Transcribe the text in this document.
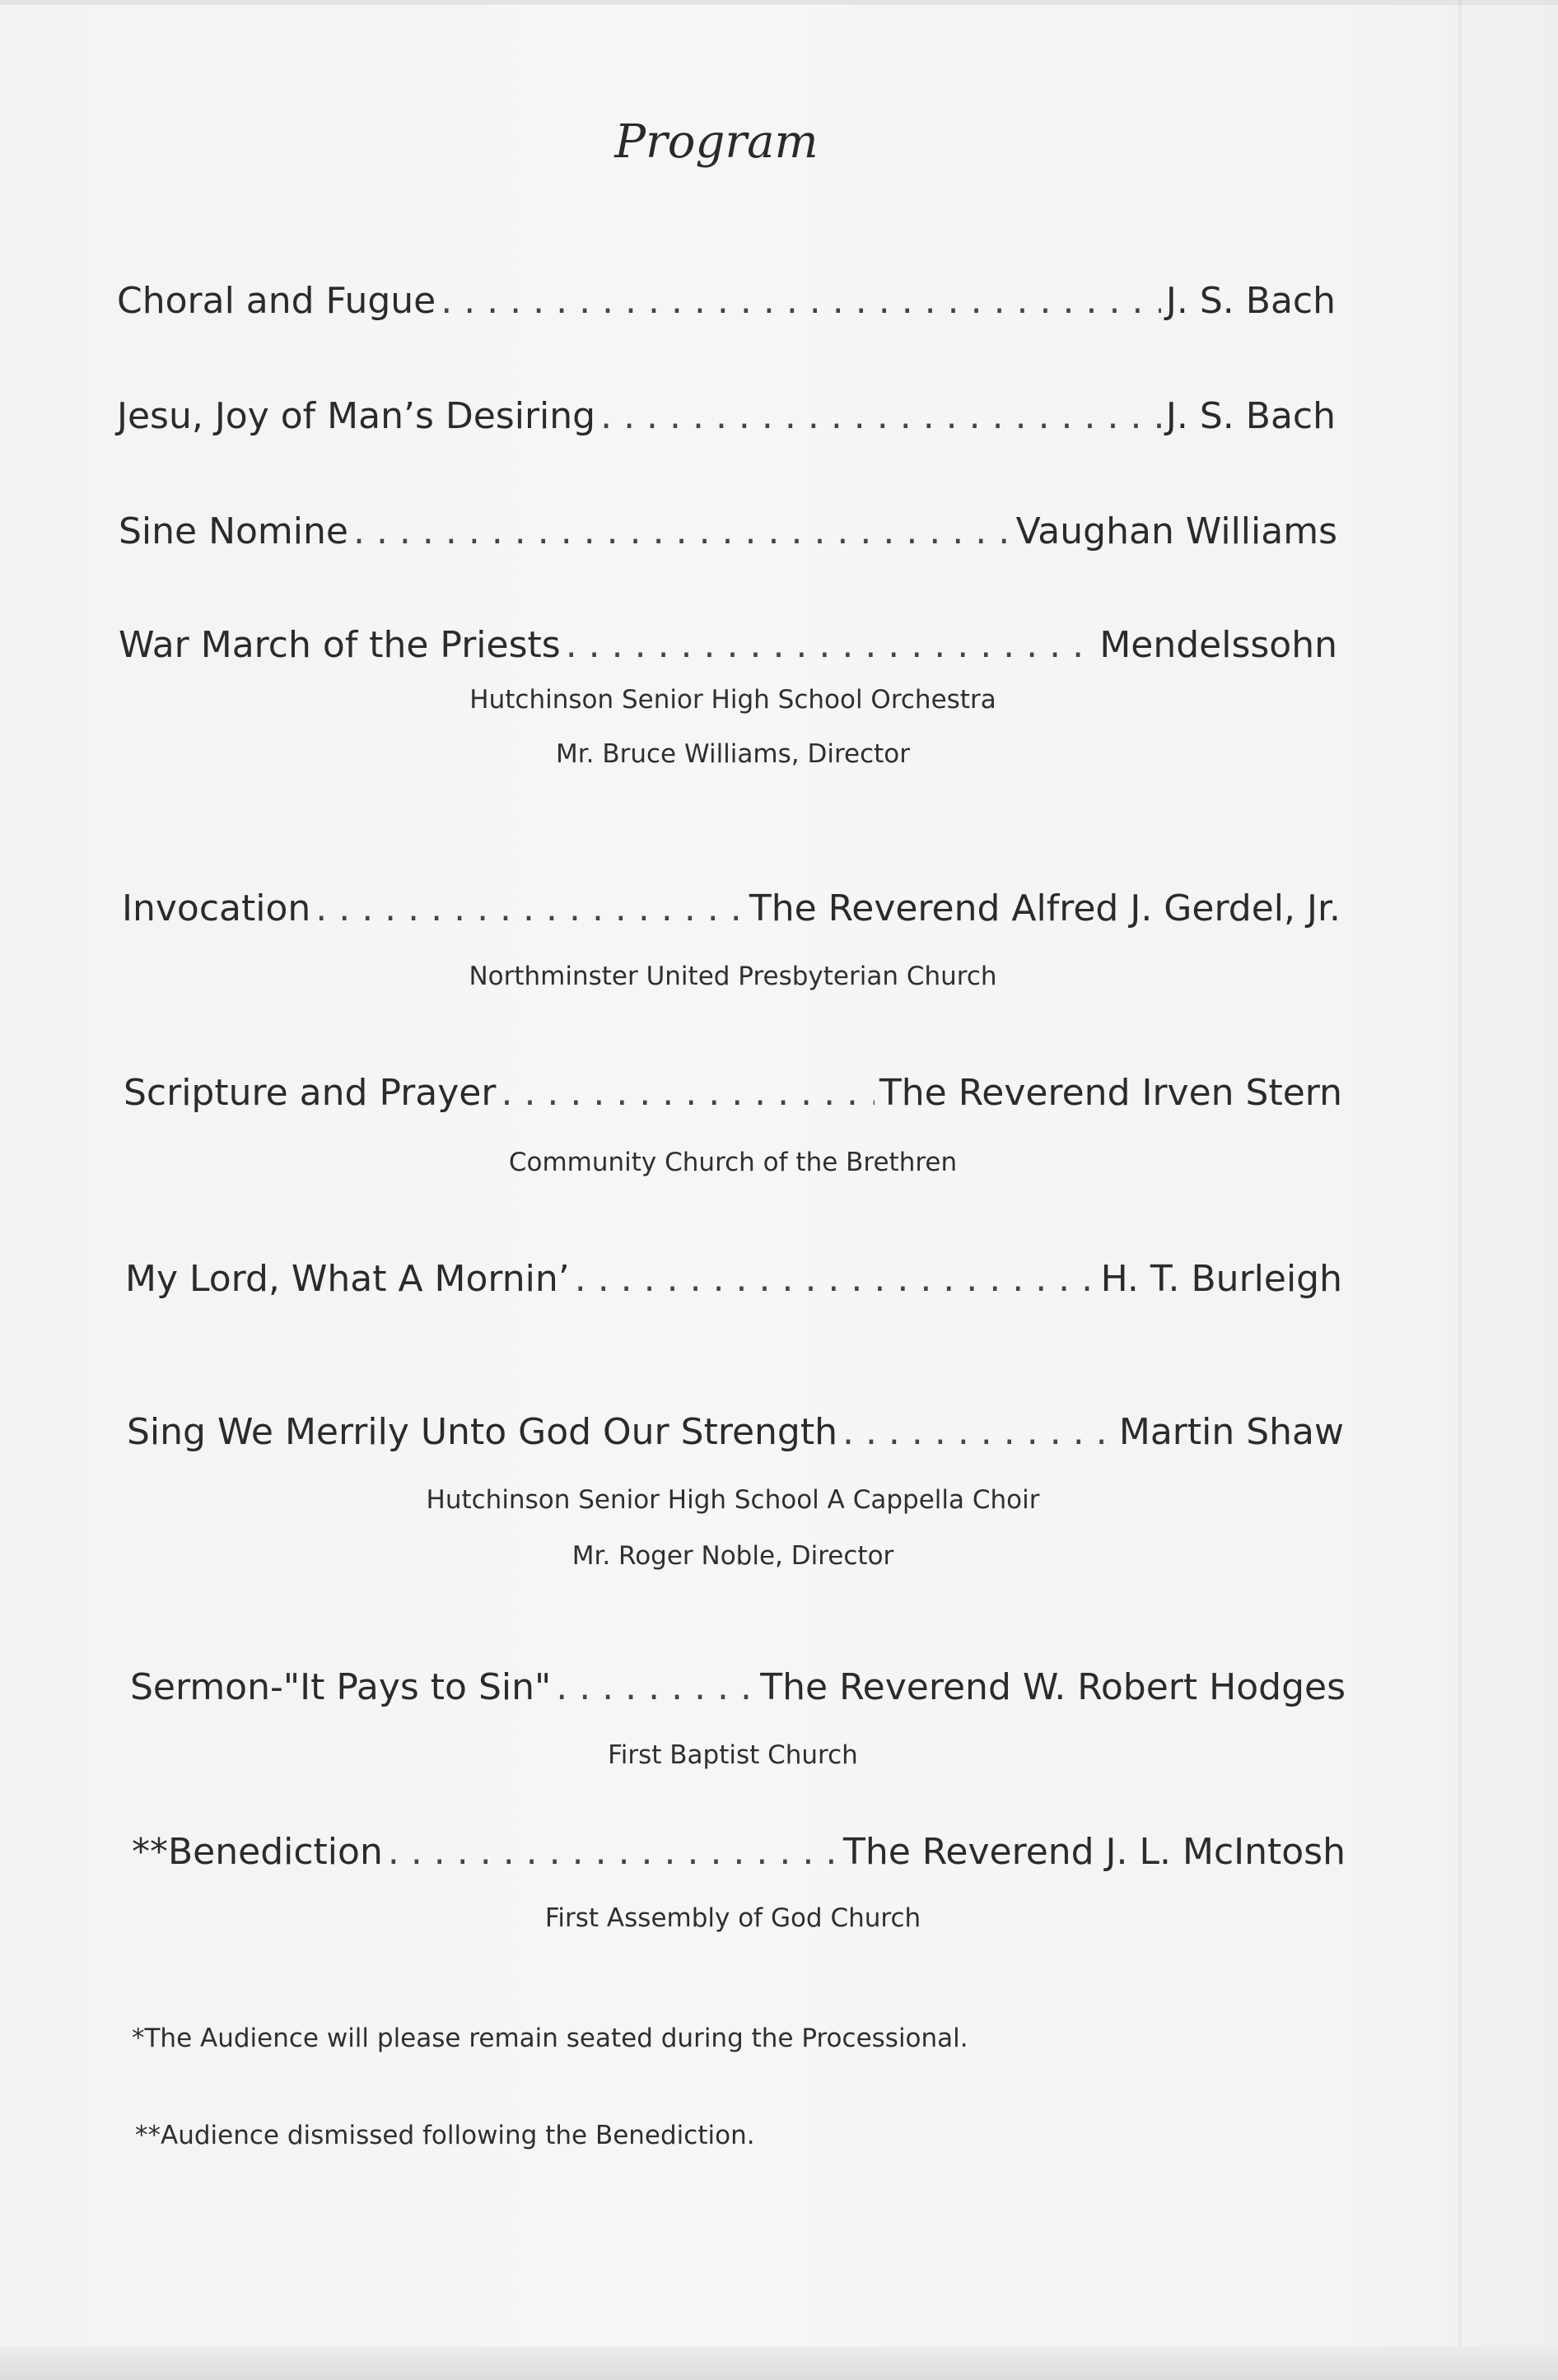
Program
Choral and Fugue . . .	J. S. Bach
Jesu, Joy of Man’s Desiring . . .	J. S. Bach
Sine Nomine . . .	Vaughan Williams
War March of the Priests . . .	Mendelssohn
Hutchinson Senior High School Orchestra
Mr. Bruce Williams, Director
Invocation . . .	The Reverend Alfred J. Gerdel, Jr.
Northminster United Presbyterian Church
Scripture and Prayer . . .	The Reverend Irven Stern
Community Church of the Brethren
My Lord, What A Mornin’ . . .	H. T. Burleigh
Sing We Merrily Unto God Our Strength . . .	Martin Shaw
Hutchinson Senior High School A Cappella Choir
Mr. Roger Noble, Director
Sermon-"It Pays to Sin" . . .	The Reverend W. Robert Hodges
First Baptist Church
**Benediction . . .	The Reverend J. L. McIntosh
First Assembly of God Church
*The Audience will please remain seated during the Processional.
**Audience dismissed following the Benediction.
